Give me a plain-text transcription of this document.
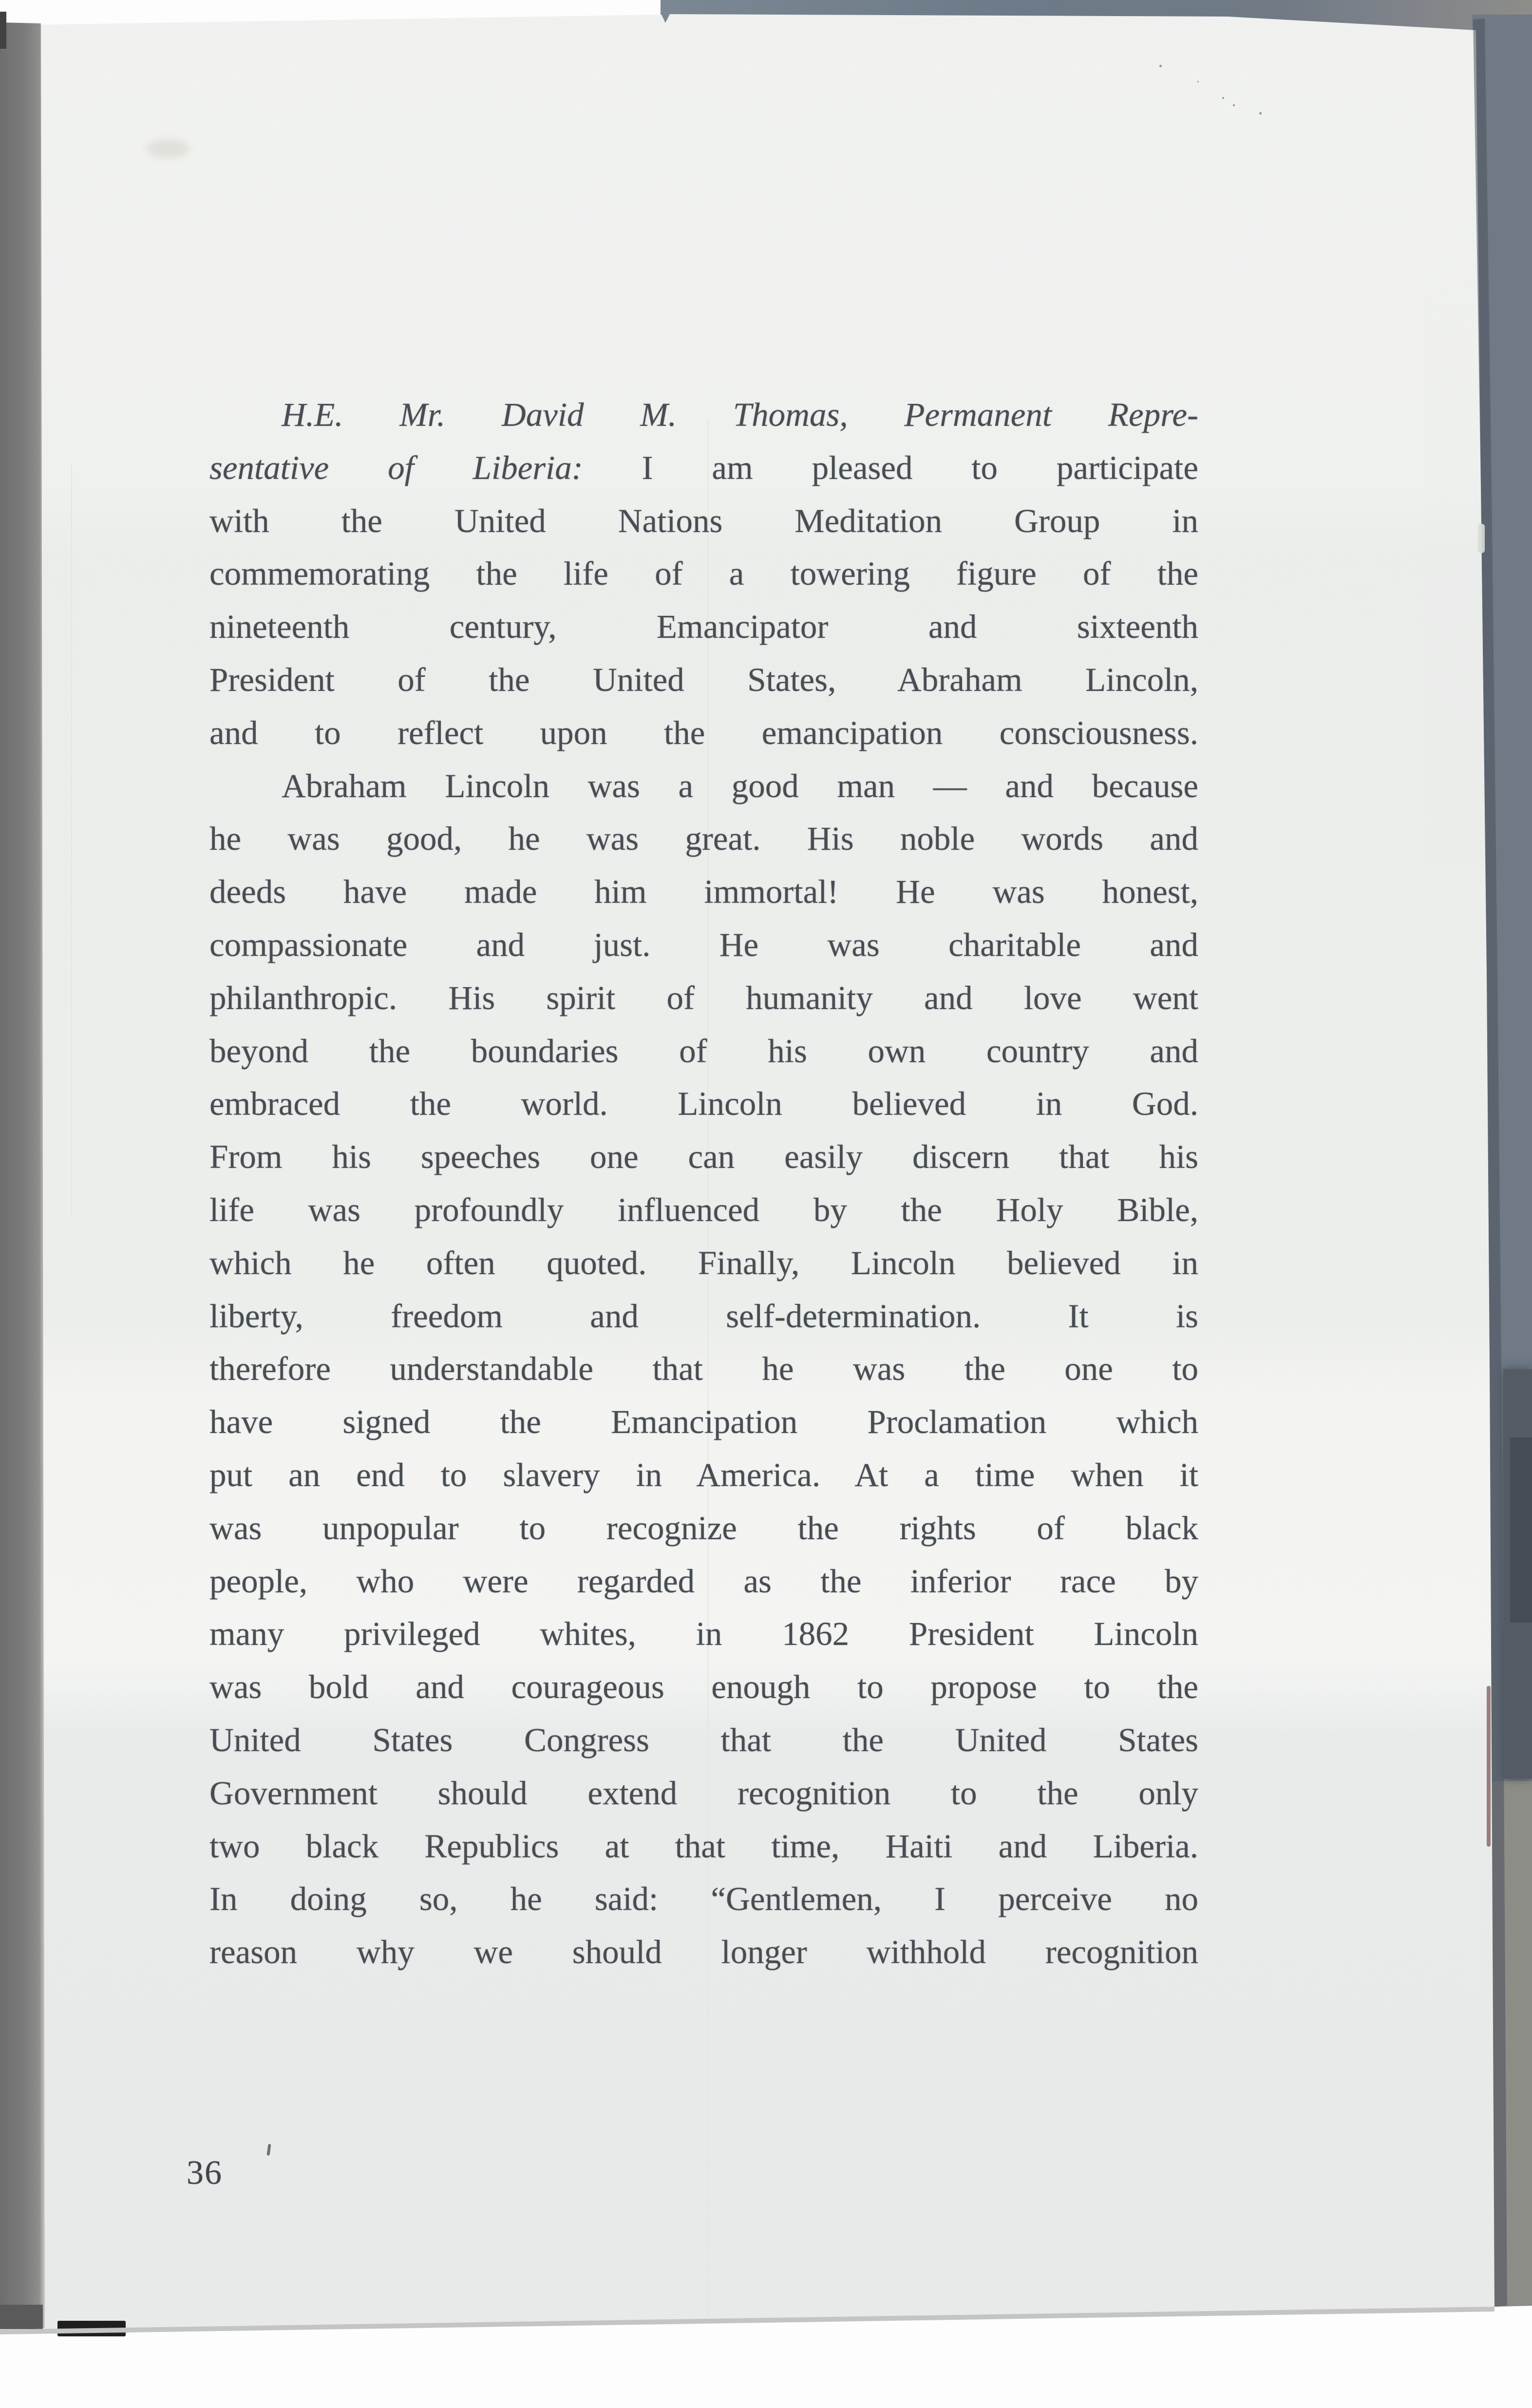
H.E. Mr. David M. Thomas, Permanent Repre-
sentative of Liberia: I am pleased to participate
with the United Nations Meditation Group in
commemorating the life of a towering figure of the
nineteenth century, Emancipator and sixteenth
President of the United States, Abraham Lincoln,
and to reflect upon the emancipation consciousness.
Abraham Lincoln was a good man — and because
he was good, he was great. His noble words and
deeds have made him immortal! He was honest,
compassionate and just. He was charitable and
philanthropic. His spirit of humanity and love went
beyond the boundaries of his own country and
embraced the world. Lincoln believed in God.
From his speeches one can easily discern that his
life was profoundly influenced by the Holy Bible,
which he often quoted. Finally, Lincoln believed in
liberty, freedom and self-determination. It is
therefore understandable that he was the one to
have signed the Emancipation Proclamation which
put an end to slavery in America. At a time when it
was unpopular to recognize the rights of black
people, who were regarded as the inferior race by
many privileged whites, in 1862 President Lincoln
was bold and courageous enough to propose to the
United States Congress that the United States
Government should extend recognition to the only
two black Republics at that time, Haiti and Liberia.
In doing so, he said: “Gentlemen, I perceive no
reason why we should longer withhold recognition
36
